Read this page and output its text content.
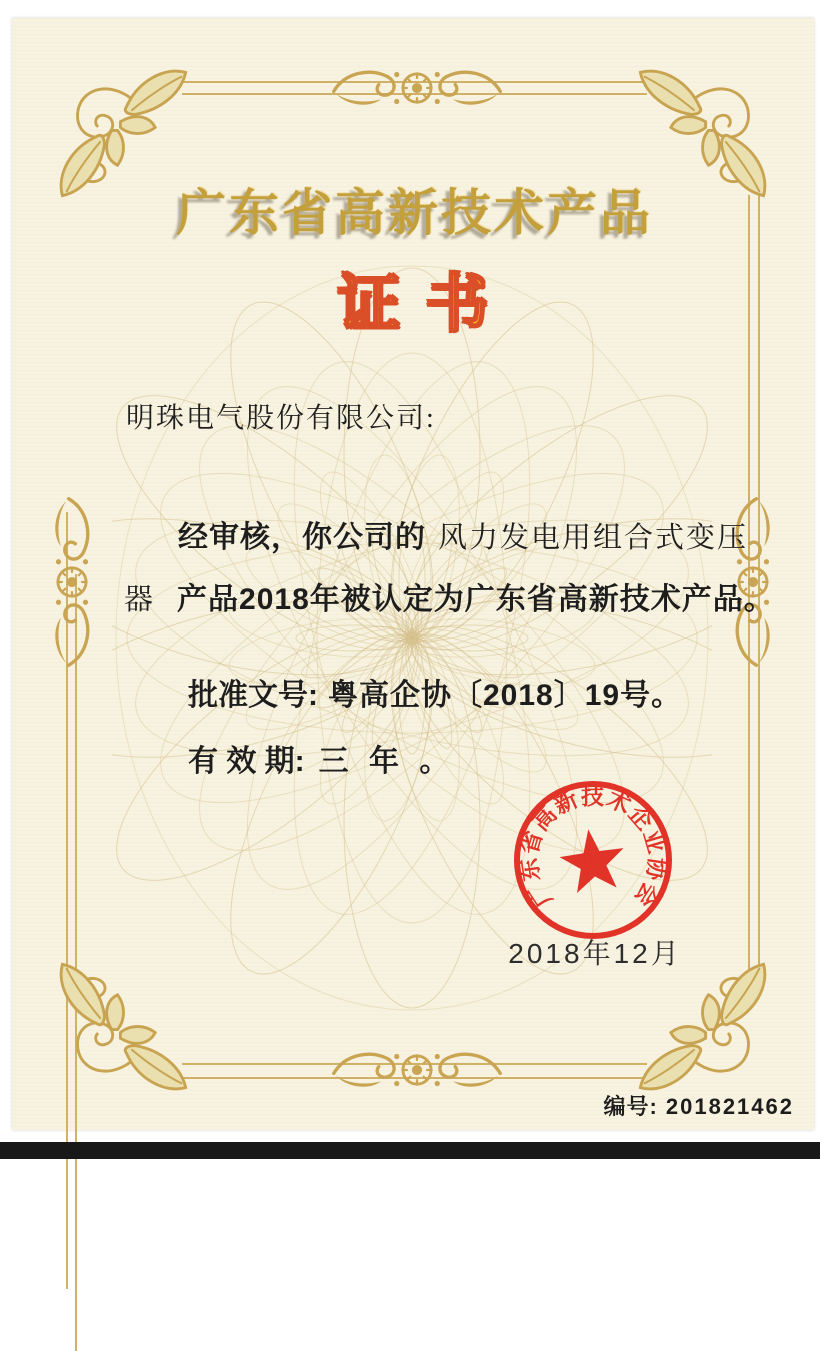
广东省高新技术产品
证书
明珠电气股份有限公司:
经审核，你公司的 风力发电用组合式变压
器 产品2018年被认定为广东省高新技术产品。
批准文号: 粤高企协〔2018〕19号。
有 效 期: 三 年 。
广东省高新技术企业协会
2018年12月
编号: 201821462
